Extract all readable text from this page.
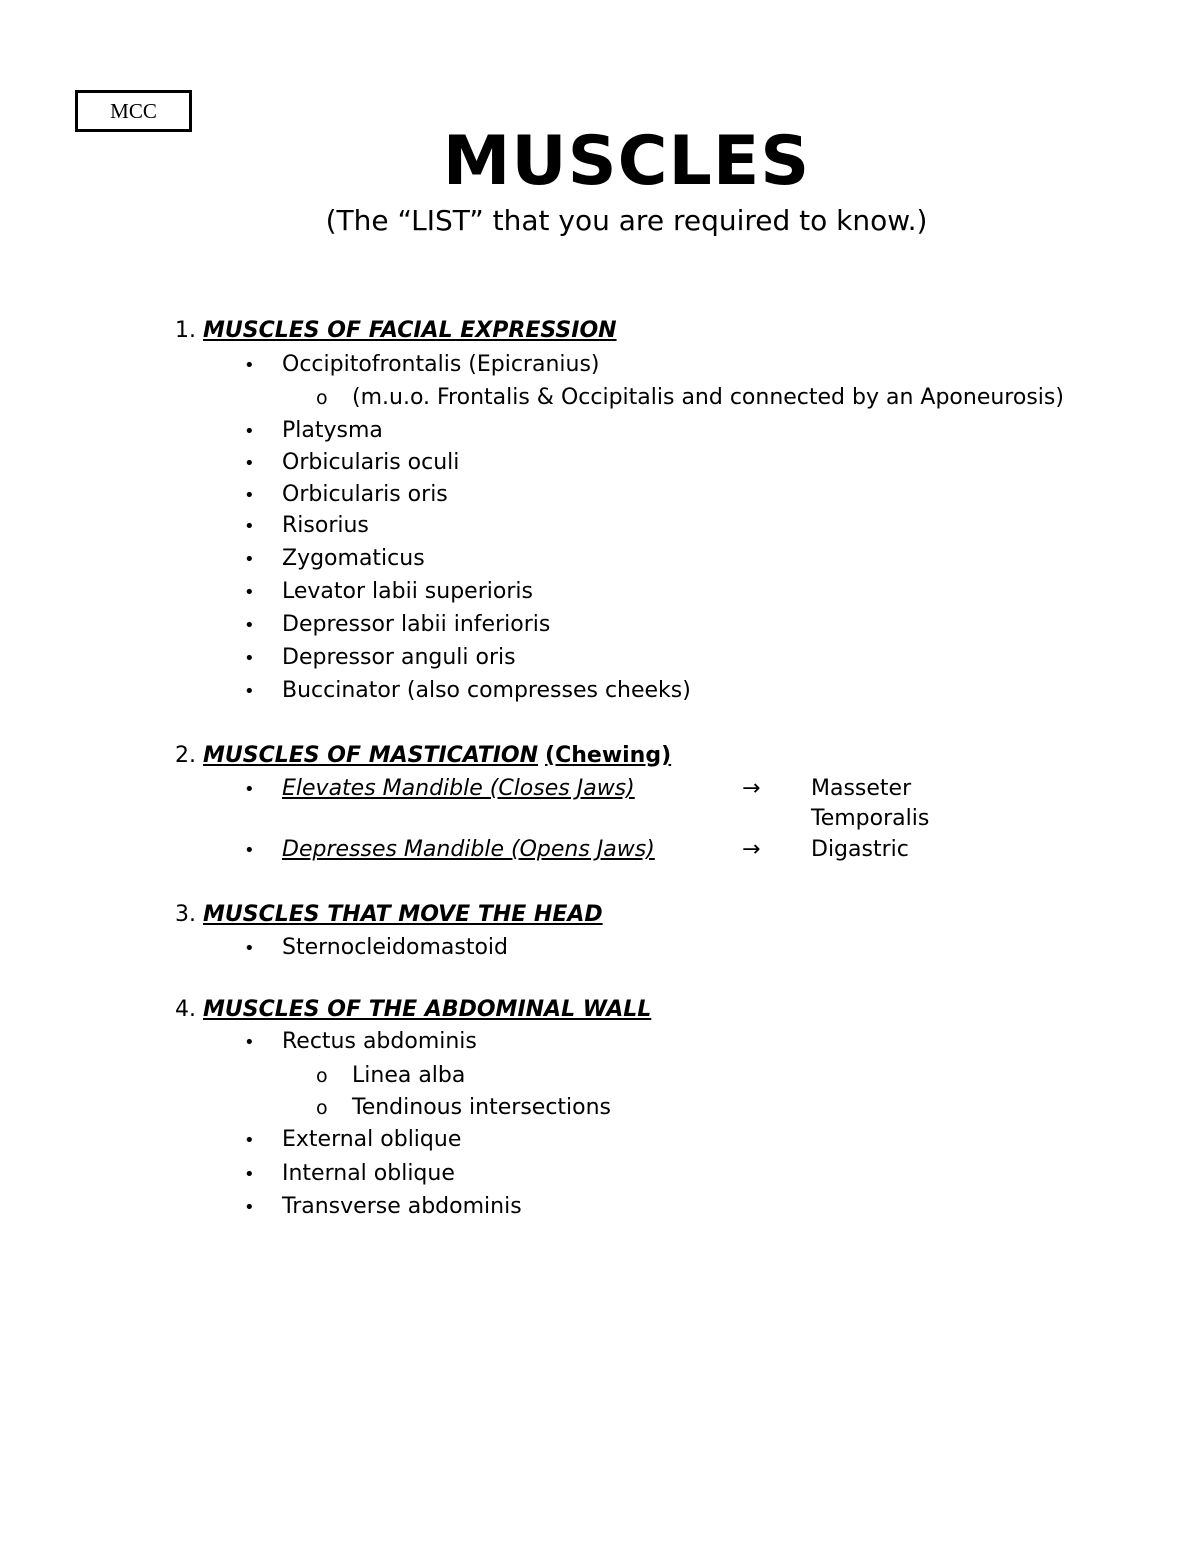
MCC
MUSCLES

(The “LIST” that you are required to know.)

1. MUSCLES OF FACIAL EXPRESSION
• Occipitofrontalis (Epicranius)
o (m.u.o. Frontalis & Occipitalis and connected by an Aponeurosis)
• Platysma
• Orbicularis oculi
• Orbicularis oris
• Risorius
• Zygomaticus
• Levator labii superioris
• Depressor labii inferioris
• Depressor anguli oris
• Buccinator (also compresses cheeks)
2. MUSCLES OF MASTICATION (Chewing)
• Elevates Mandible (Closes Jaws)	→ Masseter
Temporalis
• Depresses Mandible (Opens Jaws)	→ Digastric
3. MUSCLES THAT MOVE THE HEAD
• Sternocleidomastoid
4. MUSCLES OF THE ABDOMINAL WALL
• Rectus abdominis
o Linea alba
o Tendinous intersections
• External oblique
• Internal oblique
• Transverse abdominis
